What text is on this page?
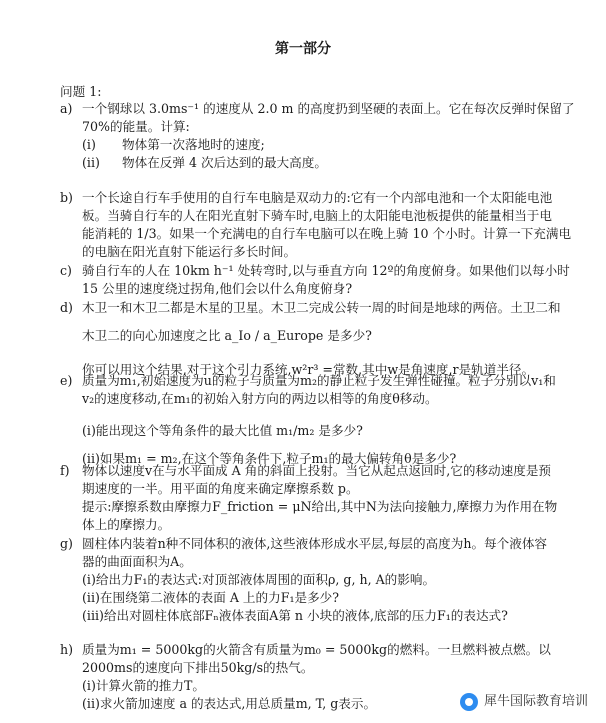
第一部分
问题 1:
a) 一个钢球以 3.0ms⁻¹ 的速度从 2.0 m 的高度扔到坚硬的表面上。它在每次反弹时保留了
70%的能量。计算:
(i) 物体第一次落地时的速度;
(ii) 物体在反弹 4 次后达到的最大高度。
b) 一个长途自行车手使用的自行车电脑是双动力的:它有一个内部电池和一个太阳能电池
板。当骑自行车的人在阳光直射下骑车时,电脑上的太阳能电池板提供的能量相当于电
能消耗的 1/3。如果一个充满电的自行车电脑可以在晚上骑 10 个小时。计算一下充满电
的电脑在阳光直射下能运行多长时间。
c) 骑自行车的人在 10km h⁻¹ 处转弯时,以与垂直方向 12º的角度俯身。如果他们以每小时
15 公里的速度绕过拐角,他们会以什么角度俯身?
d) 木卫一和木卫二都是木星的卫星。木卫二完成公转一周的时间是地球的两倍。土卫二和
木卫二的向心加速度之比 a_Io / a_Europe 是多少?
你可以用这个结果,对于这个引力系统,w²r³ =常数,其中w是角速度,r是轨道半径。
e) 质量为m₁,初始速度为u的粒子与质量为m₂的静止粒子发生弹性碰撞。粒子分别以v₁和
v₂的速度移动,在m₁的初始入射方向的两边以相等的角度θ移动。
(i)能出现这个等角条件的最大比值 m₁/m₂ 是多少?
(ii)如果m₁ = m₂,在这个等角条件下,粒子m₁的最大偏转角θ是多少?
f) 物体以速度v在与水平面成 A 角的斜面上投射。当它从起点返回时,它的移动速度是预
期速度的一半。用平面的角度来确定摩擦系数 p。
提示:摩擦系数由摩擦力F_friction = μN给出,其中N为法向接触力,摩擦力为作用在物
体上的摩擦力。
g) 圆柱体内装着n种不同体积的液体,这些液体形成水平层,每层的高度为h。每个液体容
器的曲面面积为A。
(i)给出力F₁的表达式:对顶部液体周围的面积ρ, g, h, A的影响。
(ii)在围绕第二液体的表面 A 上的力F₁是多少?
(iii)给出对圆柱体底部Fₙ液体表面A第 n 小块的液体,底部的压力F₁的表达式?
h) 质量为m₁ = 5000kg的火箭含有质量为m₀ = 5000kg的燃料。一旦燃料被点燃。以
2000ms的速度向下排出50kg/s的热气。
(i)计算火箭的推力T。
(ii)求火箭加速度 a 的表达式,用总质量m, T, g表示。	犀牛国际教育培训
